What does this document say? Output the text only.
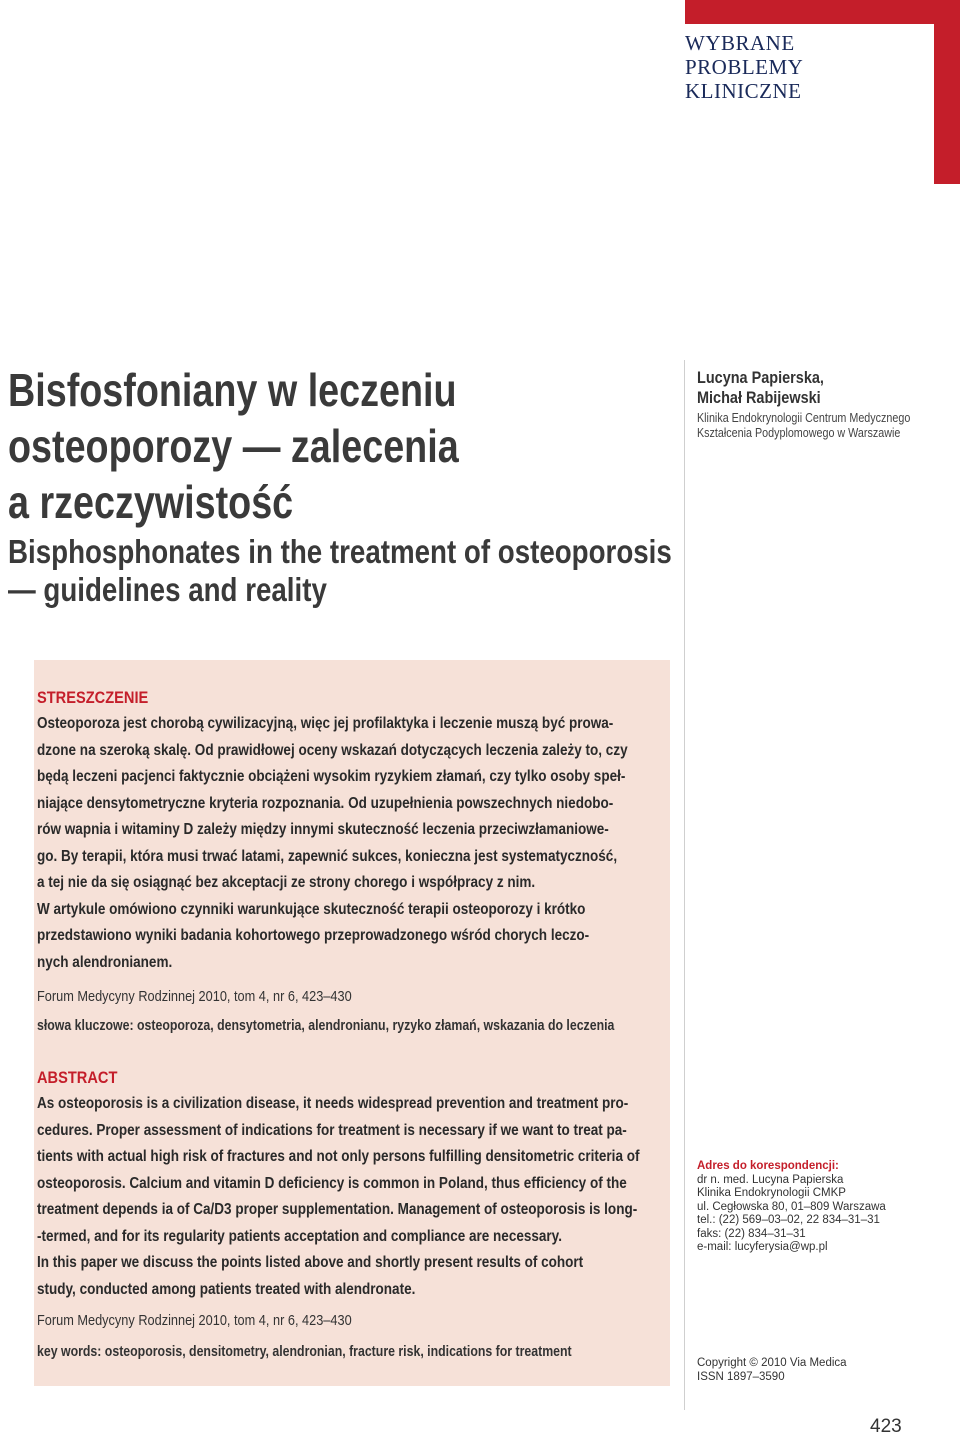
WYBRANE
PROBLEMY
KLINICZNE
Bisfosfoniany w leczeniu
osteoporozy — zalecenia
a rzeczywistość
Bisphosphonates in the treatment of osteoporosis
— guidelines and reality
Lucyna Papierska,
Michał Rabijewski
Klinika Endokrynologii Centrum Medycznego
Kształcenia Podyplomowego w Warszawie
STRESZCZENIE
Osteoporoza jest chorobą cywilizacyjną, więc jej profilaktyka i leczenie muszą być prowa-
dzone na szeroką skalę. Od prawidłowej oceny wskazań dotyczących leczenia zależy to, czy
będą leczeni pacjenci faktycznie obciążeni wysokim ryzykiem złamań, czy tylko osoby speł-
niające densytometryczne kryteria rozpoznania. Od uzupełnienia powszechnych niedobo-
rów wapnia i witaminy D zależy między innymi skuteczność leczenia przeciwzłamaniowe-
go. By terapii, która musi trwać latami, zapewnić sukces, konieczna jest systematyczność,
a tej nie da się osiągnąć bez akceptacji ze strony chorego i współpracy z nim.
W artykule omówiono czynniki warunkujące skuteczność terapii osteoporozy i krótko
przedstawiono wyniki badania kohortowego przeprowadzonego wśród chorych leczo-
nych alendronianem.
Forum Medycyny Rodzinnej 2010, tom 4, nr 6, 423–430
słowa kluczowe: osteoporoza, densytometria, alendronianu, ryzyko złamań, wskazania do leczenia
ABSTRACT
As osteoporosis is a civilization disease, it needs widespread prevention and treatment pro-
cedures. Proper assessment of indications for treatment is necessary if we want to treat pa-
tients with actual high risk of fractures and not only persons fulfilling densitometric criteria of
osteoporosis. Calcium and vitamin D deficiency is common in Poland, thus efficiency of the
treatment depends ia of Ca/D3 proper supplementation. Management of osteoporosis is long-
-termed, and for its regularity patients acceptation and compliance are necessary.
In this paper we discuss the points listed above and shortly present results of cohort
study, conducted among patients treated with alendronate.
Forum Medycyny Rodzinnej 2010, tom 4, nr 6, 423–430
key words: osteoporosis, densitometry, alendronian, fracture risk, indications for treatment
Adres do korespondencji:
dr n. med. Lucyna Papierska
Klinika Endokrynologii CMKP
ul. Cegłowska 80, 01–809 Warszawa
tel.: (22) 569–03–02, 22 834–31–31
faks: (22) 834–31–31
e-mail: lucyferysia@wp.pl
Copyright © 2010 Via Medica
ISSN 1897–3590
423
